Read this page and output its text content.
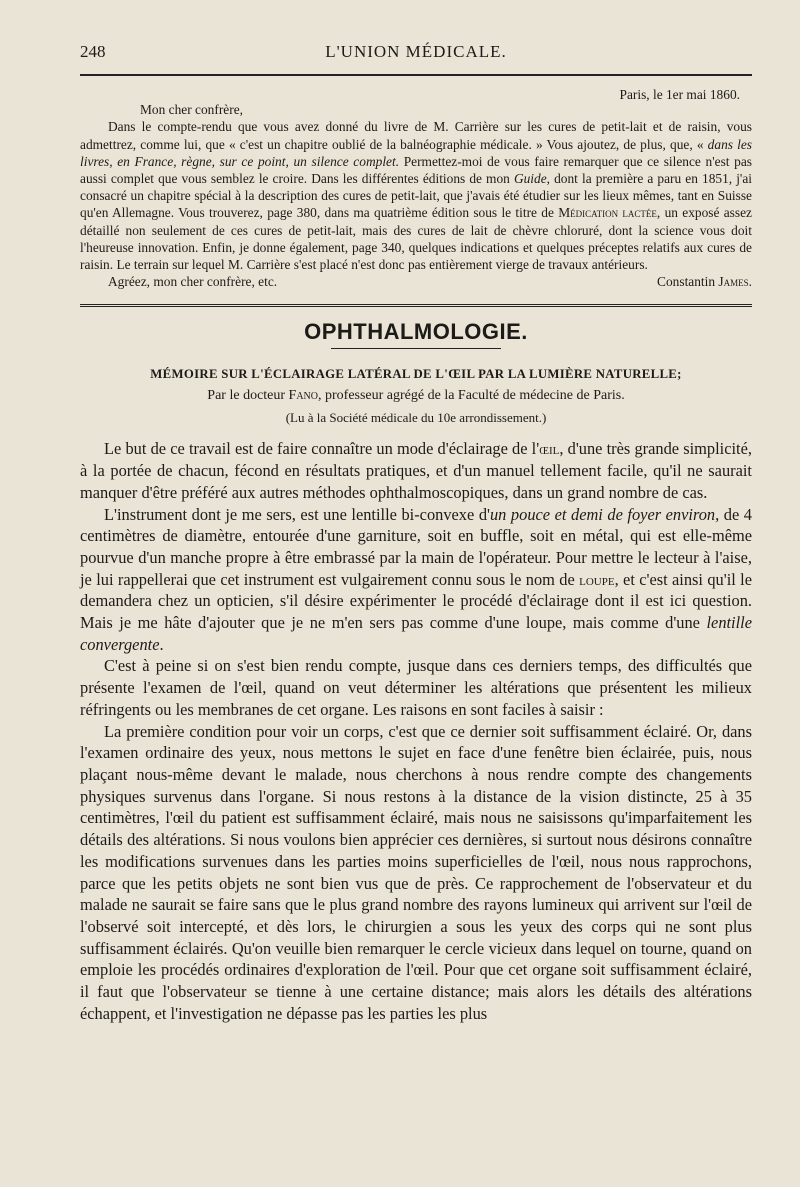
248	L'UNION MÉDICALE.
Paris, le 1er mai 1860.
Mon cher confrère,

Dans le compte-rendu que vous avez donné du livre de M. Carrière sur les cures de petit-lait et de raisin, vous admettrez, comme lui, que « c'est un chapitre oublié de la balnéographie médicale. » Vous ajoutez, de plus, que, « dans les livres, en France, règne, sur ce point, un silence complet. Permettez-moi de vous faire remarquer que ce silence n'est pas aussi complet que vous semblez le croire. Dans les différentes éditions de mon Guide, dont la première a paru en 1851, j'ai consacré un chapitre spécial à la description des cures de petit-lait, que j'avais été étudier sur les lieux mêmes, tant en Suisse qu'en Allemagne. Vous trouverez, page 380, dans ma quatrième édition sous le titre de Médication lactée, un exposé assez détaillé non seulement de ces cures de petit-lait, mais des cures de lait de chèvre chloruré, dont la science vous doit l'heureuse innovation. Enfin, je donne également, page 340, quelques indications et quelques préceptes relatifs aux cures de raisin. Le terrain sur lequel M. Carrière s'est placé n'est donc pas entièrement vierge de travaux antérieurs.

Agréez, mon cher confrère, etc.	Constantin James.
OPHTHALMOLOGIE.
MÉMOIRE SUR L'ÉCLAIRAGE LATÉRAL DE L'ŒIL PAR LA LUMIÈRE NATURELLE;
Par le docteur Fano, professeur agrégé de la Faculté de médecine de Paris.
(Lu à la Société médicale du 10e arrondissement.)

Le but de ce travail est de faire connaître un mode d'éclairage de l'œil, d'une très grande simplicité, à la portée de chacun, fécond en résultats pratiques, et d'un manuel tellement facile, qu'il ne saurait manquer d'être préféré aux autres méthodes ophthalmoscopiques, dans un grand nombre de cas.

L'instrument dont je me sers, est une lentille bi-convexe d'un pouce et demi de foyer environ, de 4 centimètres de diamètre, entourée d'une garniture, soit en buffle, soit en métal, qui est elle-même pourvue d'un manche propre à être embrassé par la main de l'opérateur. Pour mettre le lecteur à l'aise, je lui rappellerai que cet instrument est vulgairement connu sous le nom de loupe, et c'est ainsi qu'il le demandera chez un opticien, s'il désire expérimenter le procédé d'éclairage dont il est ici question. Mais je me hâte d'ajouter que je ne m'en sers pas comme d'une loupe, mais comme d'une lentille convergente.

C'est à peine si on s'est bien rendu compte, jusque dans ces derniers temps, des difficultés que présente l'examen de l'œil, quand on veut déterminer les altérations que présentent les milieux réfringents ou les membranes de cet organe. Les raisons en sont faciles à saisir :

La première condition pour voir un corps, c'est que ce dernier soit suffisamment éclairé. Or, dans l'examen ordinaire des yeux, nous mettons le sujet en face d'une fenêtre bien éclairée, puis, nous plaçant nous-même devant le malade, nous cherchons à nous rendre compte des changements physiques survenus dans l'organe. Si nous restons à la distance de la vision distincte, 25 à 35 centimètres, l'œil du patient est suffisamment éclairé, mais nous ne saisissons qu'imparfaitement les détails des altérations. Si nous voulons bien apprécier ces dernières, si surtout nous désirons connaître les modifications survenues dans les parties moins superficielles de l'œil, nous nous rapprochons, parce que les petits objets ne sont bien vus que de près. Ce rapprochement de l'observateur et du malade ne saurait se faire sans que le plus grand nombre des rayons lumineux qui arrivent sur l'œil de l'observé soit intercepté, et dès lors, le chirurgien a sous les yeux des corps qui ne sont plus suffisamment éclairés. Qu'on veuille bien remarquer le cercle vicieux dans lequel on tourne, quand on emploie les procédés ordinaires d'exploration de l'œil. Pour que cet organe soit suffisamment éclairé, il faut que l'observateur se tienne à une certaine distance; mais alors les détails des altérations échappent, et l'investigation ne dépasse pas les parties les plus
